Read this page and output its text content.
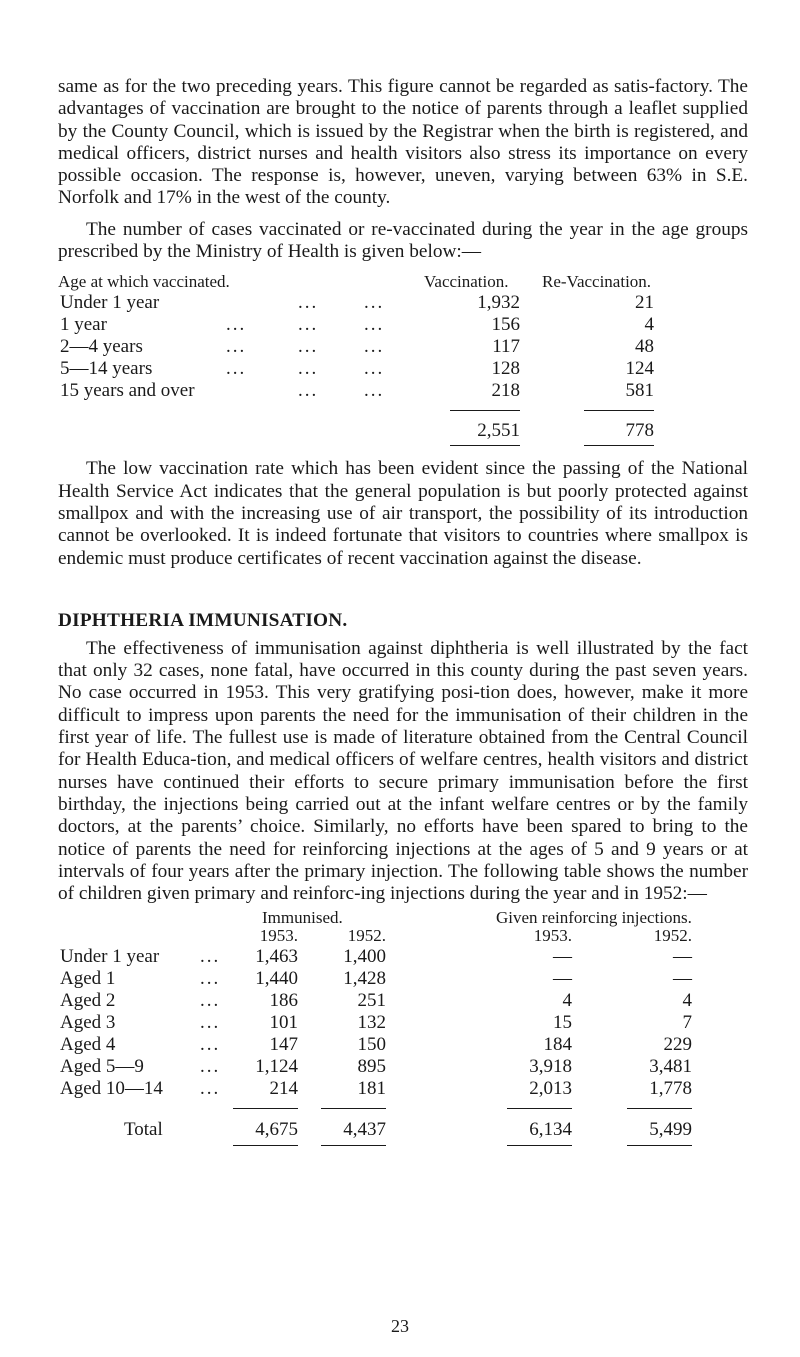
same as for the two preceding years. This figure cannot be regarded as satis-factory. The advantages of vaccination are brought to the notice of parents through a leaflet supplied by the County Council, which is issued by the Registrar when the birth is registered, and medical officers, district nurses and health visitors also stress its importance on every possible occasion. The response is, however, uneven, varying between 63% in S.E. Norfolk and 17% in the west of the county.

The number of cases vaccinated or re-vaccinated during the year in the age groups prescribed by the Ministry of Health is given below:—

Age at which vaccinated.	Vaccination. Re-Vaccination.
Under 1 year	... ...	1,932	21
1 year	...	... ...	156	4
2—4 years	...	... ...	117	48
5—14 years	...	... ...	128	124
15 years and over	... ...	218	581
2,551	778

The low vaccination rate which has been evident since the passing of the National Health Service Act indicates that the general population is but poorly protected against smallpox and with the increasing use of air transport, the possibility of its introduction cannot be overlooked. It is indeed fortunate that visitors to countries where smallpox is endemic must produce certificates of recent vaccination against the disease.

DIPHTHERIA IMMUNISATION.

The effectiveness of immunisation against diphtheria is well illustrated by the fact that only 32 cases, none fatal, have occurred in this county during the past seven years. No case occurred in 1953. This very gratifying posi-tion does, however, make it more difficult to impress upon parents the need for the immunisation of their children in the first year of life. The fullest use is made of literature obtained from the Central Council for Health Educa-tion, and medical officers of welfare centres, health visitors and district nurses have continued their efforts to secure primary immunisation before the first birthday, the injections being carried out at the infant welfare centres or by the family doctors, at the parents’ choice. Similarly, no efforts have been spared to bring to the notice of parents the need for reinforcing injections at the ages of 5 and 9 years or at intervals of four years after the primary injection. The following table shows the number of children given primary and reinforc-ing injections during the year and in 1952:—

Immunised.	Given reinforcing injections.
1953.	1952.	1953.	1952.
Under 1 year ...	1,463	1,400	—	—
Aged 1	...	1,440	1,428	—	—
Aged 2	...	186	251	4	4
Aged 3	...	101	132	15	7
Aged 4	...	147	150	184	229
Aged 5—9	...	1,124	895	3,918	3,481
Aged 10—14 ...	214	181	2,013	1,778
Total	4,675	4,437	6,134	5,499
23
